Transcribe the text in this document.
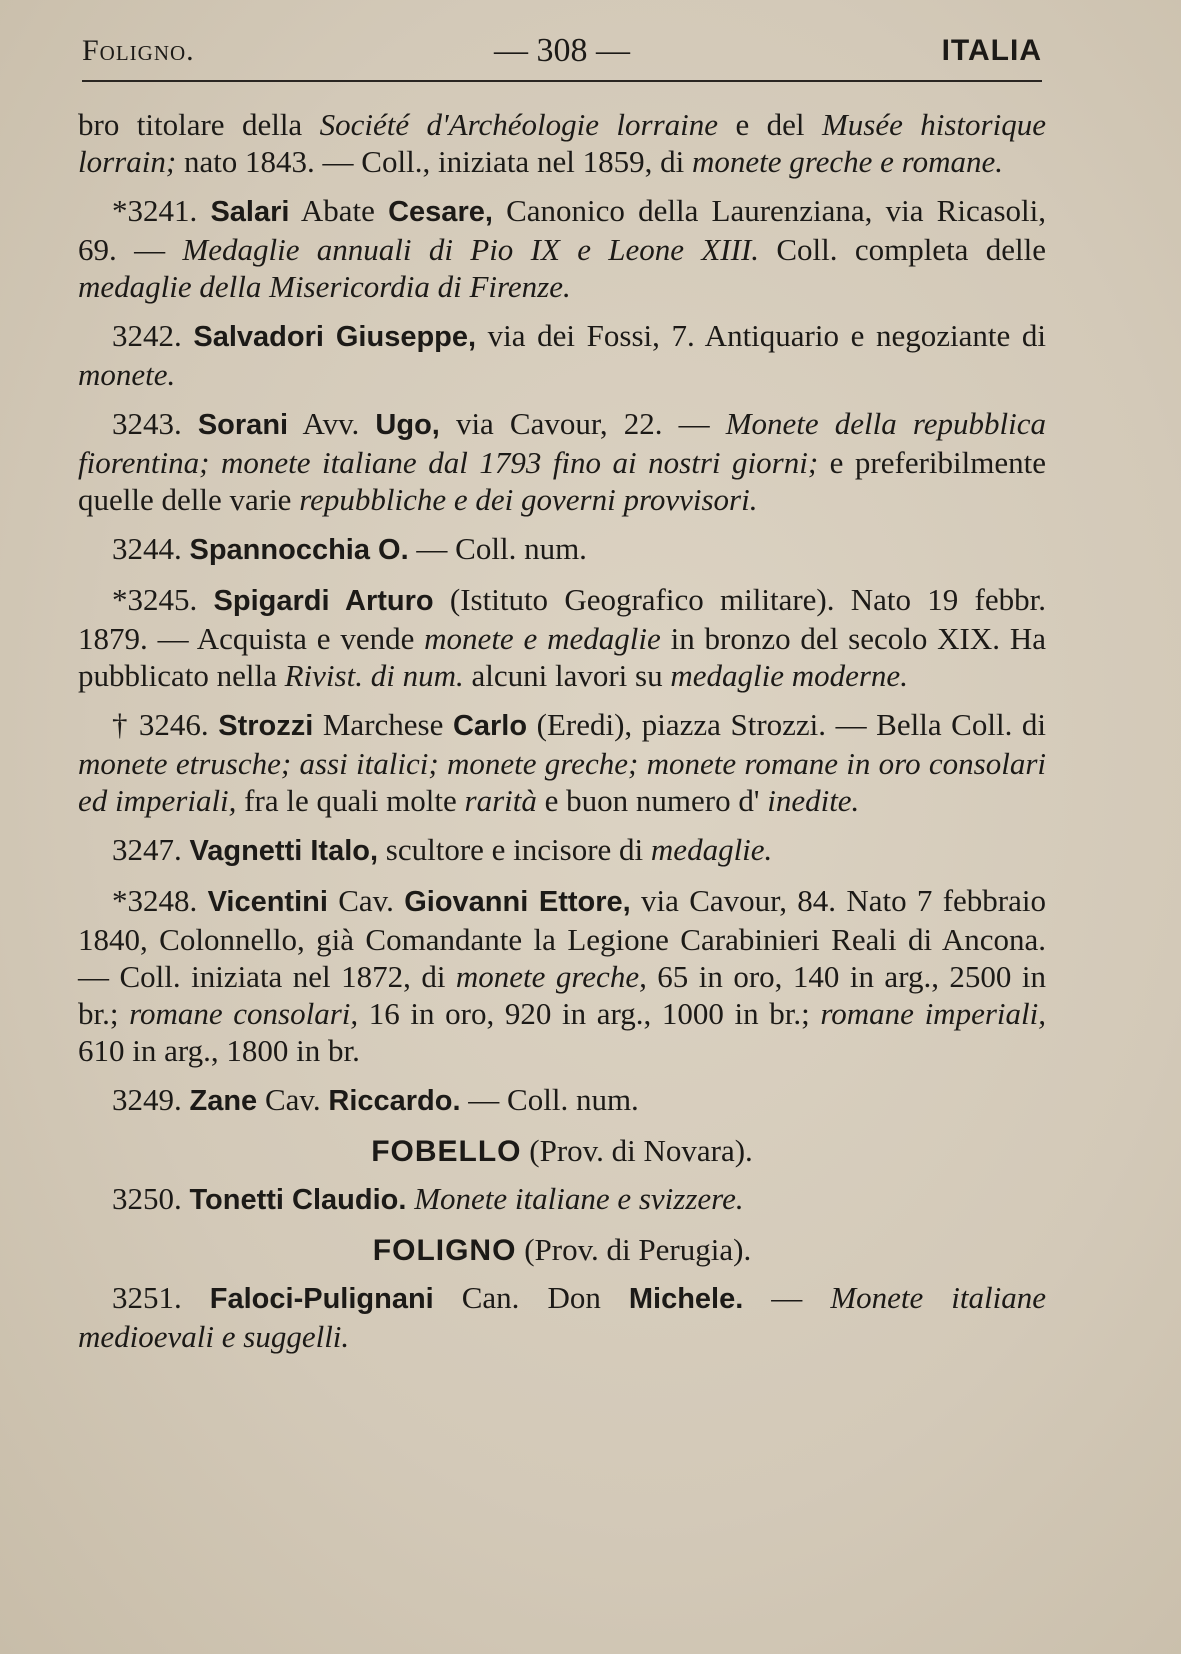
Foligno.	— 308 —	ITALIA

bro titolare della Société d'Archéologie lorraine e del Musée historique lorrain; nato 1843. — Coll., iniziata nel 1859, di monete greche e romane.

*3241. Salari Abate Cesare, Canonico della Laurenziana, via Ricasoli, 69. — Medaglie annuali di Pio IX e Leone XIII. Coll. completa delle medaglie della Misericordia di Firenze.

3242. Salvadori Giuseppe, via dei Fossi, 7. Antiquario e negoziante di monete.

3243. Sorani Avv. Ugo, via Cavour, 22. — Monete della repubblica fiorentina; monete italiane dal 1793 fino ai nostri giorni; e preferibilmente quelle delle varie repubbliche e dei governi provvisori.

3244. Spannocchia O. — Coll. num.

*3245. Spigardi Arturo (Istituto Geografico militare). Nato 19 febbr. 1879. — Acquista e vende monete e medaglie in bronzo del secolo XIX. Ha pubblicato nella Rivist. di num. alcuni lavori su medaglie moderne.

† 3246. Strozzi Marchese Carlo (Eredi), piazza Strozzi. — Bella Coll. di monete etrusche; assi italici; monete greche; monete romane in oro consolari ed imperiali, fra le quali molte rarità e buon numero d' inedite.

3247. Vagnetti Italo, scultore e incisore di medaglie.

*3248. Vicentini Cav. Giovanni Ettore, via Cavour, 84. Nato 7 febbraio 1840, Colonnello, già Comandante la Legione Carabinieri Reali di Ancona. — Coll. iniziata nel 1872, di monete greche, 65 in oro, 140 in arg., 2500 in br.; romane consolari, 16 in oro, 920 in arg., 1000 in br.; romane imperiali, 610 in arg., 1800 in br.

3249. Zane Cav. Riccardo. — Coll. num.

FOBELLO (Prov. di Novara).

3250. Tonetti Claudio. Monete italiane e svizzere.

FOLIGNO (Prov. di Perugia).

3251. Faloci-Pulignani Can. Don Michele. — Monete italiane medioevali e suggelli.
